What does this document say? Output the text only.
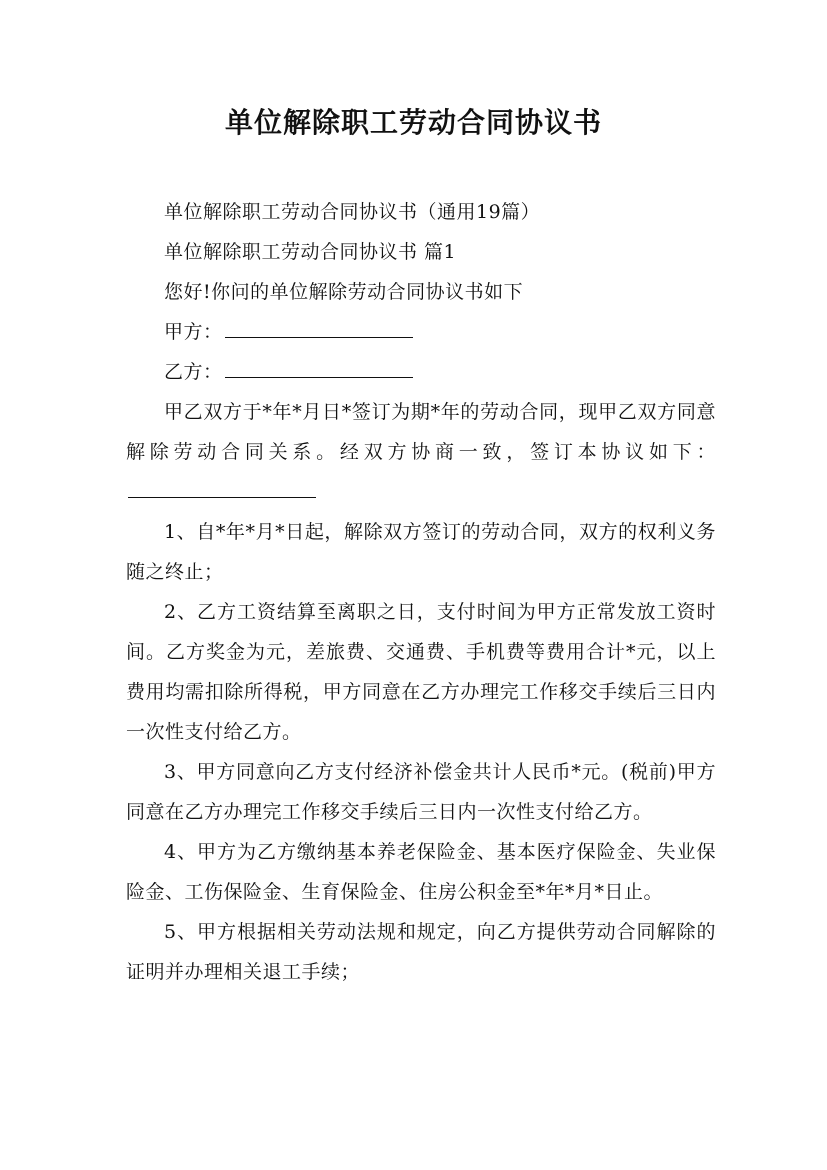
单位解除职工劳动合同协议书

单位解除职工劳动合同协议书（通用19篇）

单位解除职工劳动合同协议书 篇1

您好!你问的单位解除劳动合同协议书如下

甲方：

乙方：

甲乙双方于*年*月日*签订为期*年的劳动合同，现甲乙双方同意解除劳动合同关系。经双方协商一致，签订本协议如下：

1、自*年*月*日起，解除双方签订的劳动合同，双方的权利义务随之终止；

2、乙方工资结算至离职之日，支付时间为甲方正常发放工资时间。乙方奖金为元，差旅费、交通费、手机费等费用合计*元，以上费用均需扣除所得税，甲方同意在乙方办理完工作移交手续后三日内一次性支付给乙方。

3、甲方同意向乙方支付经济补偿金共计人民币*元。(税前)甲方同意在乙方办理完工作移交手续后三日内一次性支付给乙方。

4、甲方为乙方缴纳基本养老保险金、基本医疗保险金、失业保险金、工伤保险金、生育保险金、住房公积金至*年*月*日止。

5、甲方根据相关劳动法规和规定，向乙方提供劳动合同解除的证明并办理相关退工手续；
